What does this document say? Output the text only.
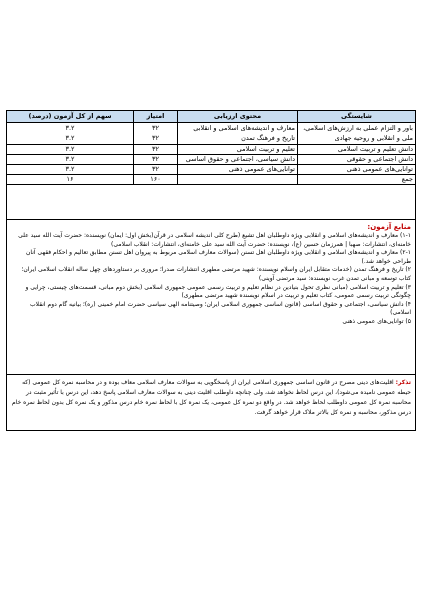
شایستگی
محتوی ارزیابی
امتیاز
سهم از کل آزمون (درصد)
باور و التزام عملی به ارزش‌های اسلامی، ملی و انقلابی و روحیه جهادی
معارف و اندیشه‌های اسلامی و انقلابی
تاریخ و فرهنگ تمدن
۳۲
۳۲
۳.۲
۳.۲
دانش تعلیم و تربیت اسلامی
تعلیم و تربیت اسلامی
۳۲
۳.۲
دانش اجتماعی و حقوقی
دانش سیاسی، اجتماعی و حقوق اساسی
۳۲
۳.۲
توانایی‌های عمومی ذهنی
توانایی‌های عمومی ذهنی
۳۲
۳.۲
جمع
۱۶۰
۱۶
منابع آزمون:

۱-۱) معارف و اندیشه‌های اسلامی و انقلابی ویژه داوطلبان اهل تشیع (طرح کلی اندیشه اسلامی در قرآن(بخش اول: ایمان) نویسنده: حضرت آیت الله سید علی خامنه‌ای، انتشارات: صهبا | همرزمان حسین (ع)، نویسنده: حضرت آیت الله سید علی خامنه‌ای، انتشارات: انقلاب اسلامی)

۲-۱) معارف و اندیشه‌های اسلامی و انقلابی ویژه داوطلبان اهل تسنن (سوالات معارف اسلامی مربوط به پیروان اهل تسنن مطابق تعالیم و احکام فقهی آنان طراحی خواهد شد.)

۲) تاریخ و فرهنگ تمدن (خدمات متقابل ایران واسلام نویسنده: شهید مرتضی مطهری انتشارات صدرا؛ مروری بر دستاوردهای چهل ساله انقلاب اسلامی ایران؛ کتاب توسعه و مبانی تمدن غرب نویسنده: سید مرتضی آوینی)

۳) تعلیم و تربیت اسلامی (مبانی نظری تحول بنیادین در نظام تعلیم و تربیت رسمی عمومی جمهوری اسلامی (بخش دوم مبانی، قسمت‌های چیستی، چرایی و چگونگی تربیت رسمی عمومی، کتاب تعلیم و تربیت در اسلام نویسنده شهید مرتضی مطهری)

۴) دانش سیاسی، اجتماعی و حقوق اساسی (قانون اساسی جمهوری اسلامی ایران؛ وصیتنامه الهی سیاسی حضرت امام خمینی (ره)؛ بیانیه گام دوم انقلاب اسلامی)

۵) توانایی‌های عمومی ذهنی

تذکر: اقلیت‌های دینی مصرح در قانون اساسی جمهوری اسلامی ایران از پاسخگویی به سوالات معارف اسلامی معاف بوده و در محاسبه نمره کل عمومی (که حیطه عمومی نامیده می‌شود)، این درس لحاظ نخواهد شد، ولی چنانچه داوطلب اقلیت دینی به سوالات معارف اسلامی پاسخ دهد، این درس با تأثیر مثبت در محاسبه نمره کل عمومی داوطلب لحاظ خواهد شد. در واقع دو نمره کل عمومی، یک نمره کل با لحاظ نمره خام درس مذکور و یک نمره کل بدون لحاظ نمره خام درس مذکور، محاسبه و نمره کل بالاتر ملاک قرار خواهد گرفت.
